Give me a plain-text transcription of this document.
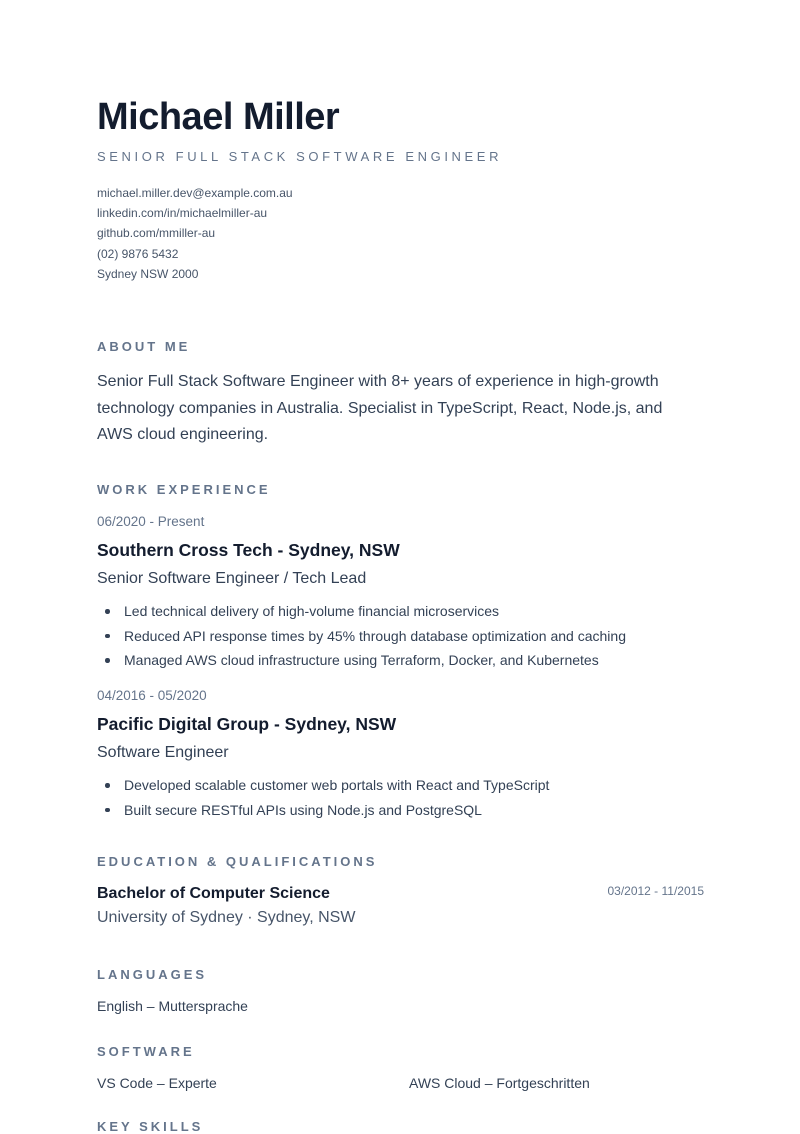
Michael Miller
SENIOR FULL STACK SOFTWARE ENGINEER
michael.miller.dev@example.com.au
linkedin.com/in/michaelmiller-au
github.com/mmiller-au
(02) 9876 5432
Sydney NSW 2000
ABOUT ME
Senior Full Stack Software Engineer with 8+ years of experience in high-growth technology companies in Australia. Specialist in TypeScript, React, Node.js, and AWS cloud engineering.
WORK EXPERIENCE
06/2020 - Present
Southern Cross Tech - Sydney, NSW
Senior Software Engineer / Tech Lead
Led technical delivery of high-volume financial microservices
Reduced API response times by 45% through database optimization and caching
Managed AWS cloud infrastructure using Terraform, Docker, and Kubernetes
04/2016 - 05/2020
Pacific Digital Group - Sydney, NSW
Software Engineer
Developed scalable customer web portals with React and TypeScript
Built secure RESTful APIs using Node.js and PostgreSQL
EDUCATION & QUALIFICATIONS
Bachelor of Computer Science	03/2012 - 11/2015
University of Sydney · Sydney, NSW
LANGUAGES
English – Muttersprache
SOFTWARE
VS Code – Experte	AWS Cloud – Fortgeschritten
KEY SKILLS
